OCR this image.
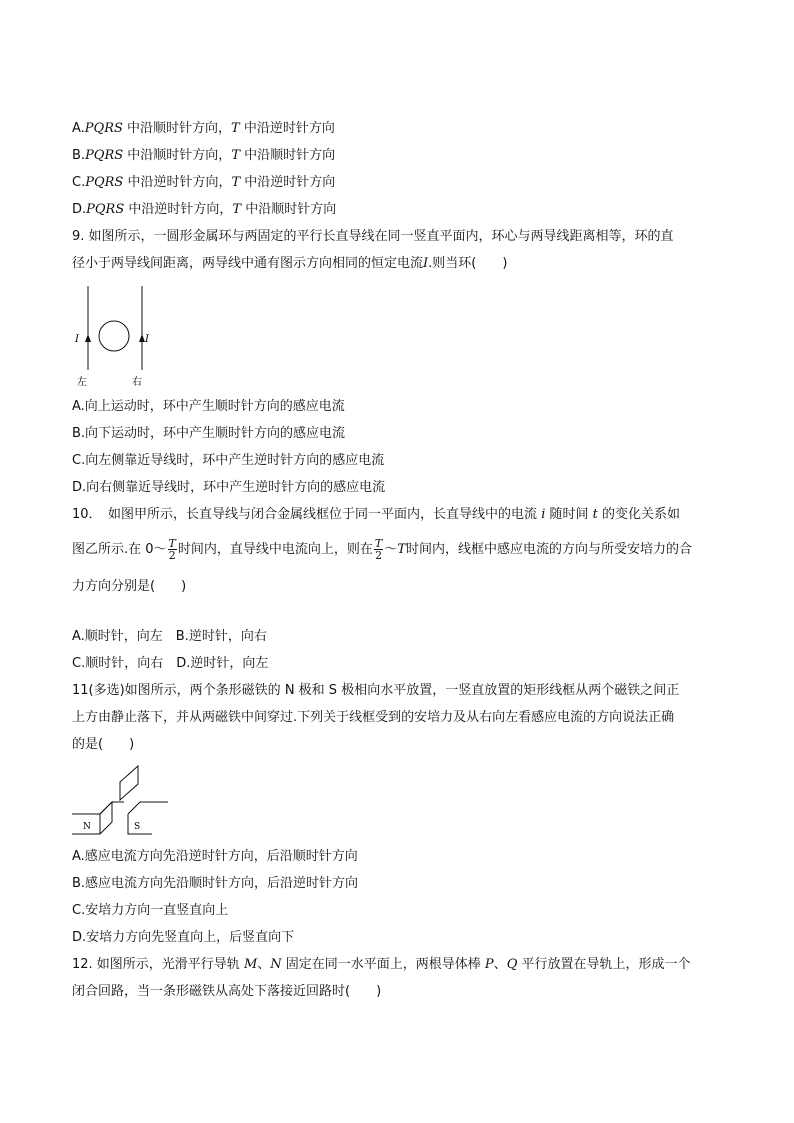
A.PQRS 中沿顺时针方向，T 中沿逆时针方向
B.PQRS 中沿顺时针方向，T 中沿顺时针方向
C.PQRS 中沿逆时针方向，T 中沿逆时针方向
D.PQRS 中沿逆时针方向，T 中沿顺时针方向
9. 如图所示，一圆形金属环与两固定的平行长直导线在同一竖直平面内，环心与两导线距离相等，环的直
径小于两导线间距离，两导线中通有图示方向相同的恒定电流I.则当环(　　)
I	I
左	右
A.向上运动时，环中产生顺时针方向的感应电流
B.向下运动时，环中产生顺时针方向的感应电流
C.向左侧靠近导线时，环中产生逆时针方向的感应电流
D.向右侧靠近导线时，环中产生逆时针方向的感应电流
10．　如图甲所示，长直导线与闭合金属线框位于同一平面内，长直导线中的电流 i 随时间 t 的变化关系如
图乙所示.在 0～ $\frac{T}{2}$ 时间内，直导线中电流向上，则在 $\frac{T}{2}$ ～T时间内，线框中感应电流的方向与所受安培力的合
力方向分别是(　　)
A.顺时针，向左　B.逆时针，向右
C.顺时针，向右　D.逆时针，向左
11(多选)如图所示，两个条形磁铁的 N 极和 S 极相向水平放置，一竖直放置的矩形线框从两个磁铁之间正
上方由静止落下，并从两磁铁中间穿过.下列关于线框受到的安培力及从右向左看感应电流的方向说法正确
的是(　　)
N	S
A.感应电流方向先沿逆时针方向，后沿顺时针方向
B.感应电流方向先沿顺时针方向，后沿逆时针方向
C.安培力方向一直竖直向上
D.安培力方向先竖直向上，后竖直向下
12. 如图所示，光滑平行导轨 M、N 固定在同一水平面上，两根导体棒 P、Q 平行放置在导轨上，形成一个
闭合回路，当一条形磁铁从高处下落接近回路时(　　)
